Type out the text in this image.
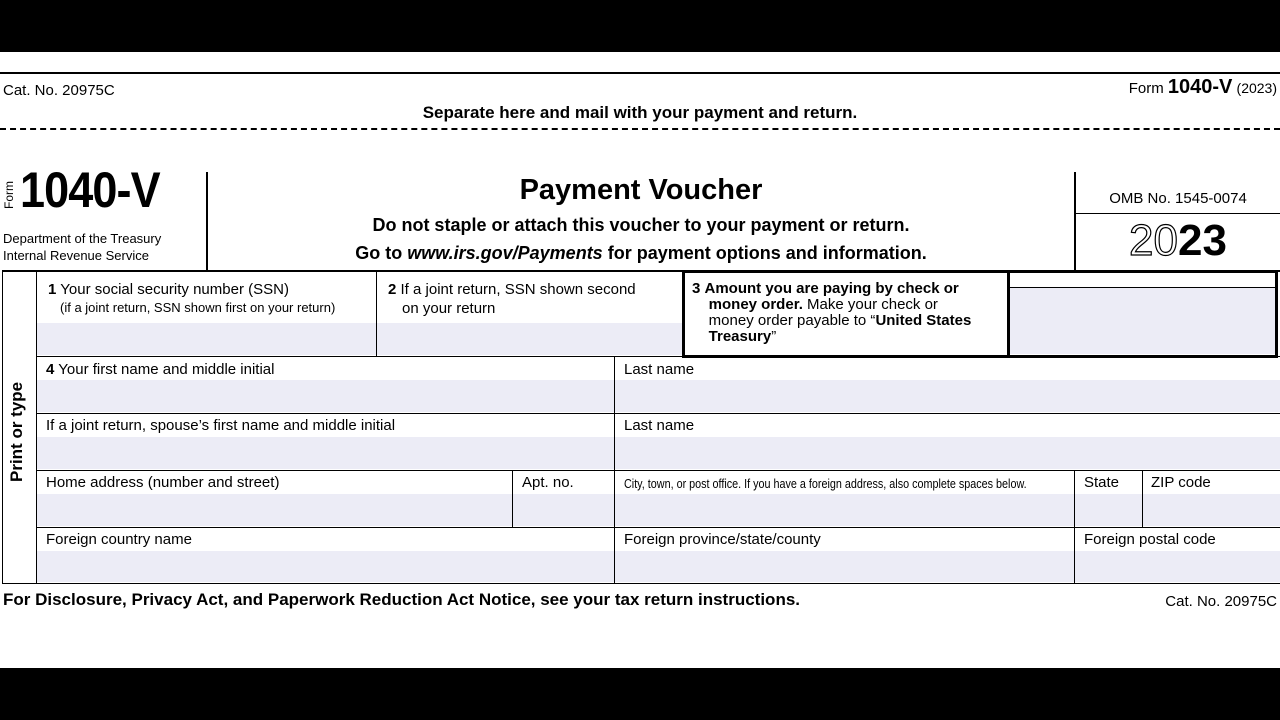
Cat. No. 20975C	Form 1040-V (2023)
Separate here and mail with your payment and return.
Form 1040-V
Department of the Treasury
Internal Revenue Service
Payment Voucher
Do not staple or attach this voucher to your payment or return.
Go to www.irs.gov/Payments for payment options and information.
OMB No. 1545-0074
2023
Print or type
1 Your social security number (SSN)
(if a joint return, SSN shown first on your return)
2 If a joint return, SSN shown second
on your return
3 Amount you are paying by check or
money order. Make your check or
money order payable to “United States
Treasury”
4 Your first name and middle initial	Last name
If a joint return, spouse’s first name and middle initial	Last name
Home address (number and street)	Apt. no.	City, town, or post office. If you have a foreign address, also complete spaces below.	State ZIP code
Foreign country name	Foreign province/state/county	Foreign postal code
For Disclosure, Privacy Act, and Paperwork Reduction Act Notice, see your tax return instructions.	Cat. No. 20975C
